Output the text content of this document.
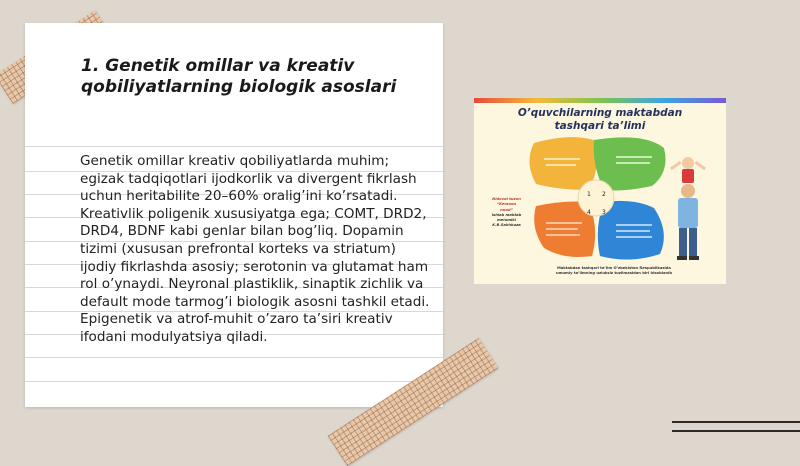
1. Genetik omillar va kreativ qobiliyatlarning biologik asoslari

Genetik omillar kreativ qobiliyatlarda muhim; egizak tadqiqotlari ijodkorlik va divergent fikrlash uchun heritabilite 20–60% oralig’ini ko’rsatadi. Kreativlik poligenik xususiyatga ega; COMT, DRD2, DRD4, BDNF kabi genlar bilan bog’liq. Dopamin tizimi (xususan prefrontal korteks va striatum) ijodiy fikrlashda asosiy; serotonin va glutamat ham rol o’ynaydi. Neyronal plastiklik, sinaptik zichlik va default mode tarmog’i biologik asosni tashkil etadi. Epigenetik va atrof-muhit o’zaro ta’siri kreativ ifodani modulyatsiya qiladi.

O’quvchilarning maktabdan
tashqari ta’limi
1 2
4 3
Nidoval tuzon
“Keraxon
nnod”
ishlab maktab
melumiki
K.B.Sakhkuza
Maktabdan tashqari ta’lim O’zbekiston Respublikasida
umumiy ta’limning uzluksiz tuzilmasidan biri hisoblanib
